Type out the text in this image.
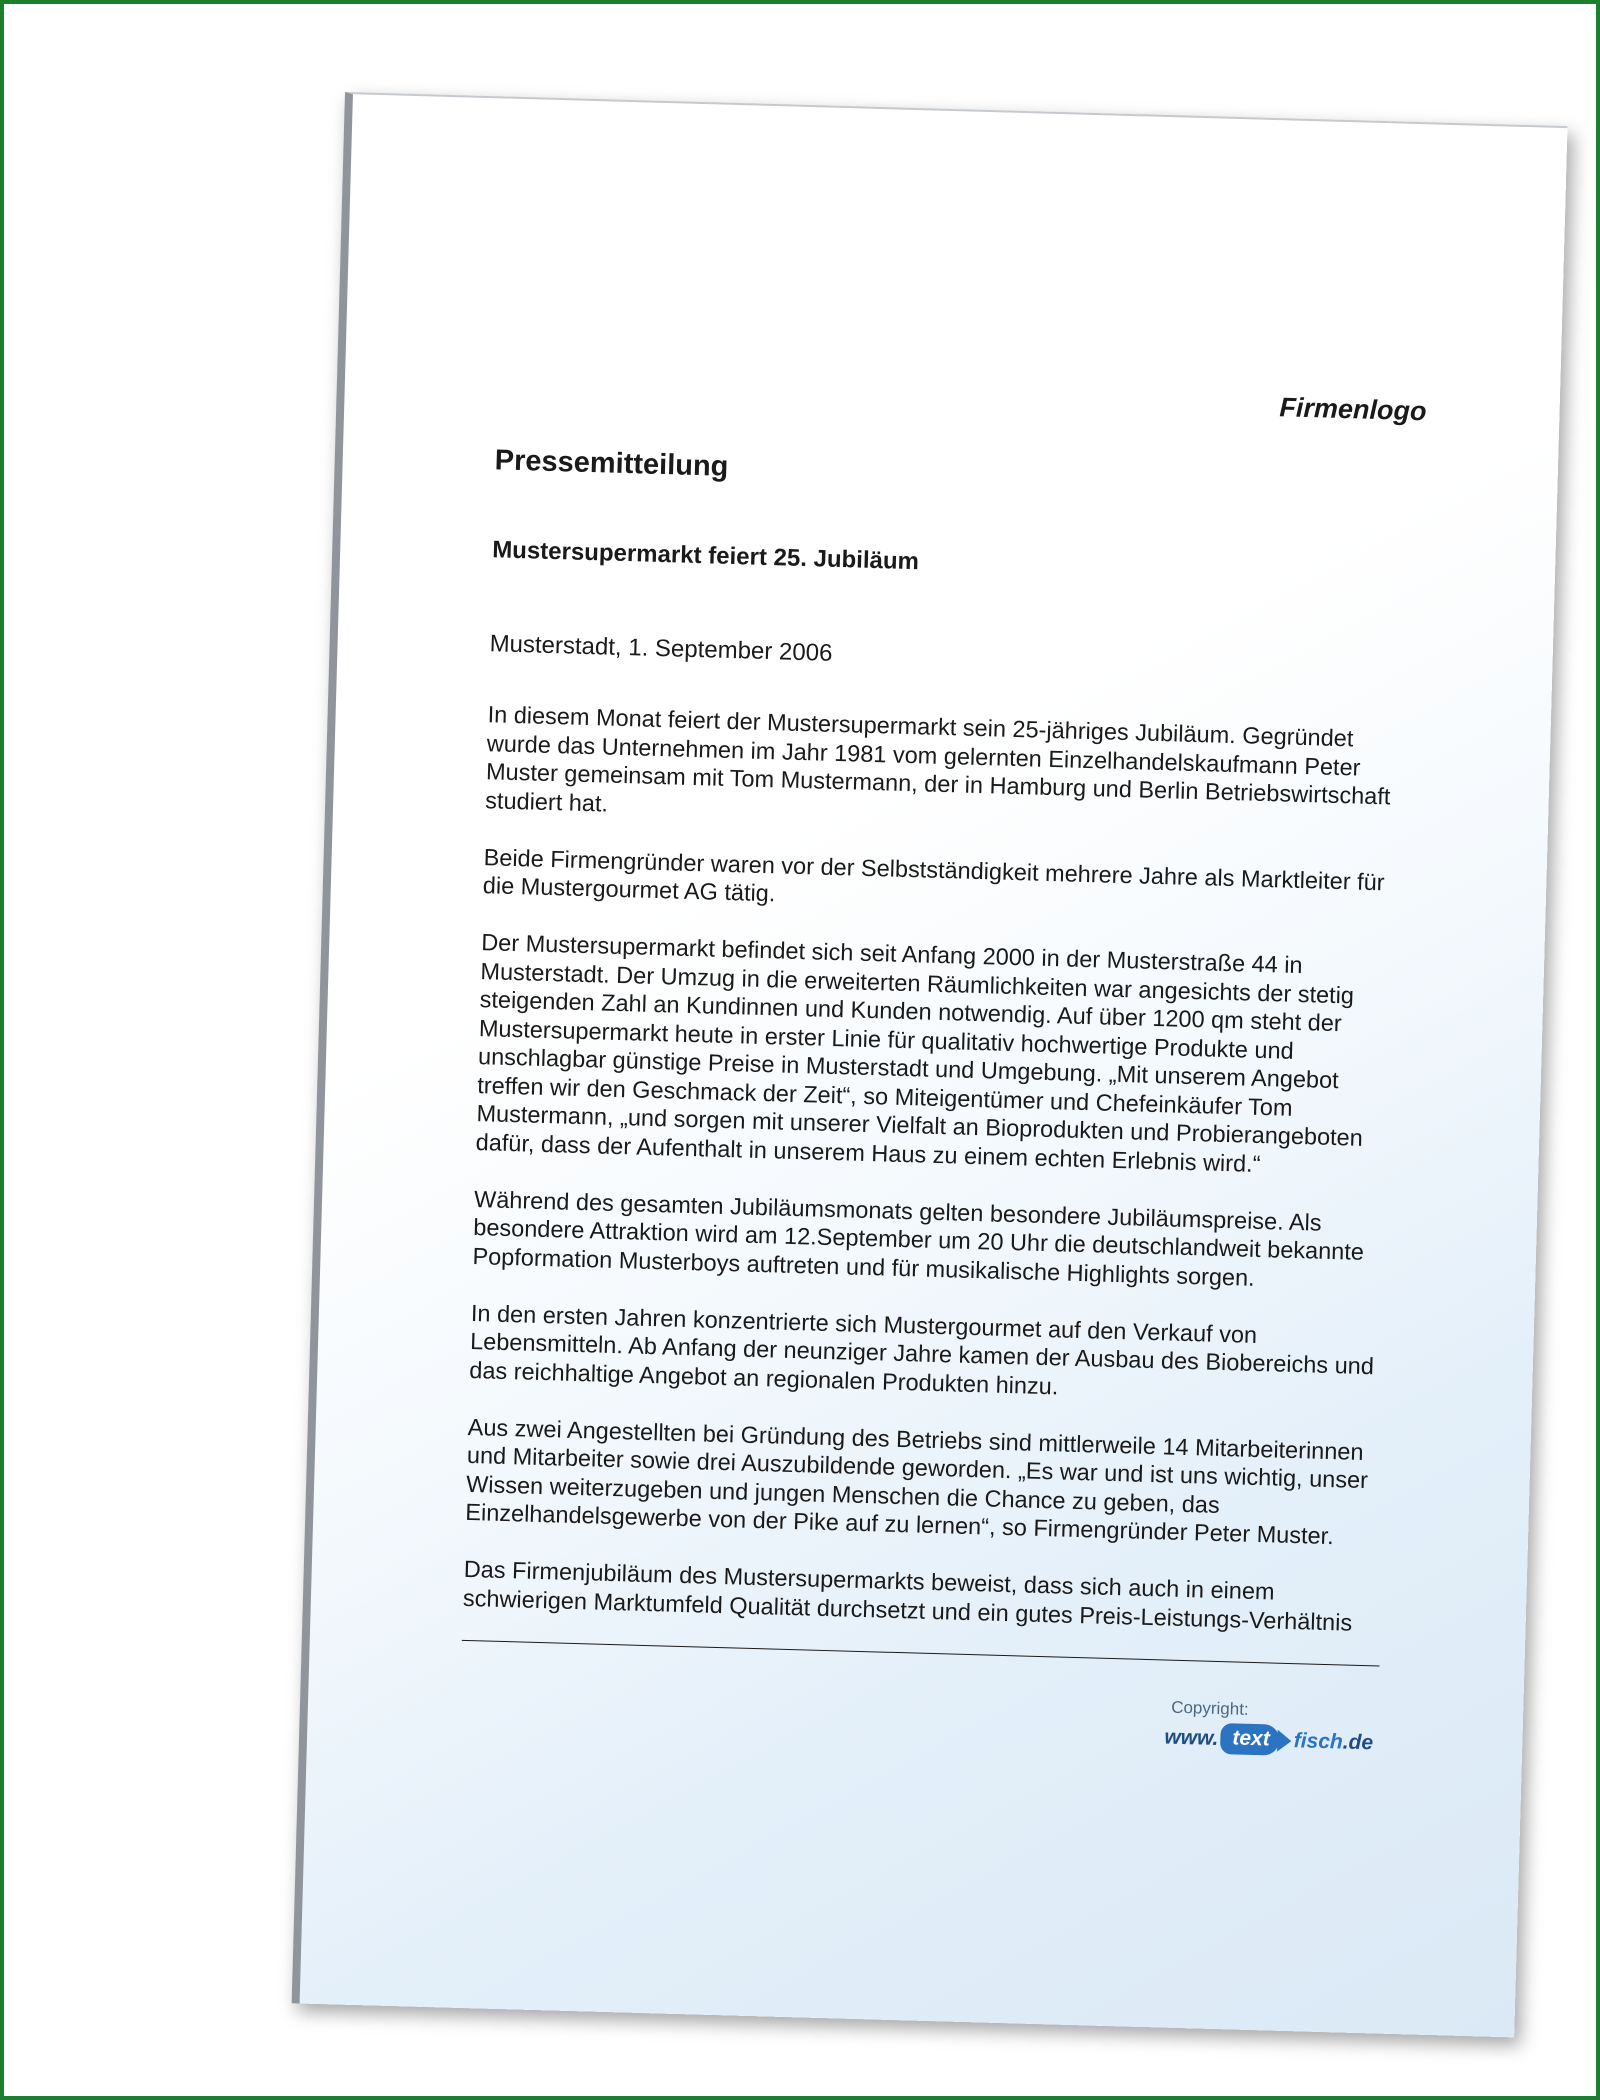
Firmenlogo
Pressemitteilung
Mustersupermarkt feiert 25. Jubiläum
Musterstadt, 1. September 2006

In diesem Monat feiert der Mustersupermarkt sein 25-jähriges Jubiläum. Gegründet wurde das Unternehmen im Jahr 1981 vom gelernten Einzelhandelskaufmann Peter Muster gemeinsam mit Tom Mustermann, der in Hamburg und Berlin Betriebswirtschaft studiert hat.

Beide Firmengründer waren vor der Selbstständigkeit mehrere Jahre als Marktleiter für die Mustergourmet AG tätig.

Der Mustersupermarkt befindet sich seit Anfang 2000 in der Musterstraße 44 in Musterstadt. Der Umzug in die erweiterten Räumlichkeiten war angesichts der stetig steigenden Zahl an Kundinnen und Kunden notwendig. Auf über 1200 qm steht der Mustersupermarkt heute in erster Linie für qualitativ hochwertige Produkte und unschlagbar günstige Preise in Musterstadt und Umgebung. „Mit unserem Angebot treffen wir den Geschmack der Zeit“, so Miteigentümer und Chefeinkäufer Tom Mustermann, „und sorgen mit unserer Vielfalt an Bioprodukten und Probierangeboten dafür, dass der Aufenthalt in unserem Haus zu einem echten Erlebnis wird.“

Während des gesamten Jubiläumsmonats gelten besondere Jubiläumspreise. Als besondere Attraktion wird am 12.September um 20 Uhr die deutschlandweit bekannte Popformation Musterboys auftreten und für musikalische Highlights sorgen.

In den ersten Jahren konzentrierte sich Mustergourmet auf den Verkauf von Lebensmitteln. Ab Anfang der neunziger Jahre kamen der Ausbau des Biobereichs und das reichhaltige Angebot an regionalen Produkten hinzu.

Aus zwei Angestellten bei Gründung des Betriebs sind mittlerweile 14 Mitarbeiterinnen und Mitarbeiter sowie drei Auszubildende geworden. „Es war und ist uns wichtig, unser Wissen weiterzugeben und jungen Menschen die Chance zu geben, das Einzelhandelsgewerbe von der Pike auf zu lernen“, so Firmengründer Peter Muster.

Das Firmenjubiläum des Mustersupermarkts beweist, dass sich auch in einem schwierigen Marktumfeld Qualität durchsetzt und ein gutes Preis-Leistungs-Verhältnis

Copyright:
www. text	fisch .de
